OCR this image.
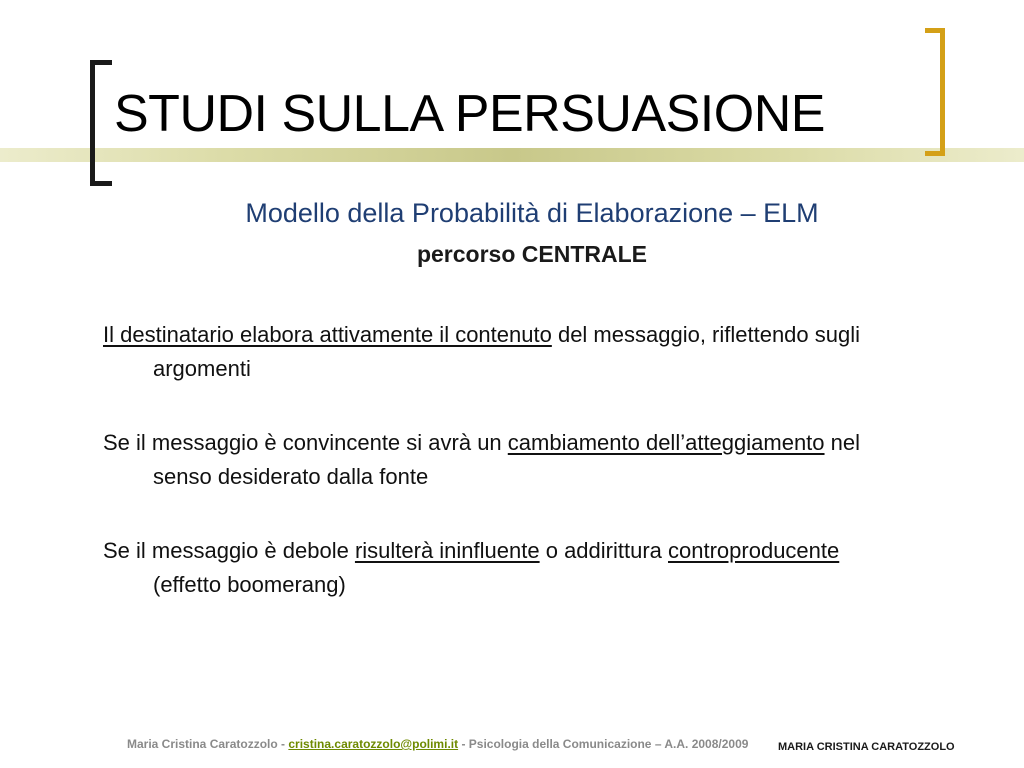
STUDI SULLA PERSUASIONE
Modello della Probabilità di Elaborazione – ELM
percorso CENTRALE

Il destinatario elabora attivamente il contenuto del messaggio, riflettendo sugli argomenti

Se il messaggio è convincente si avrà un cambiamento dell’atteggiamento nel senso desiderato dalla fonte

Se il messaggio è debole risulterà ininfluente o addirittura controproducente (effetto boomerang)

Maria Cristina Caratozzolo - cristina.caratozzolo@polimi.it - Psicologia della Comunicazione – A.A. 2008/2009	MARIA CRISTINA CARATOZZOLO
